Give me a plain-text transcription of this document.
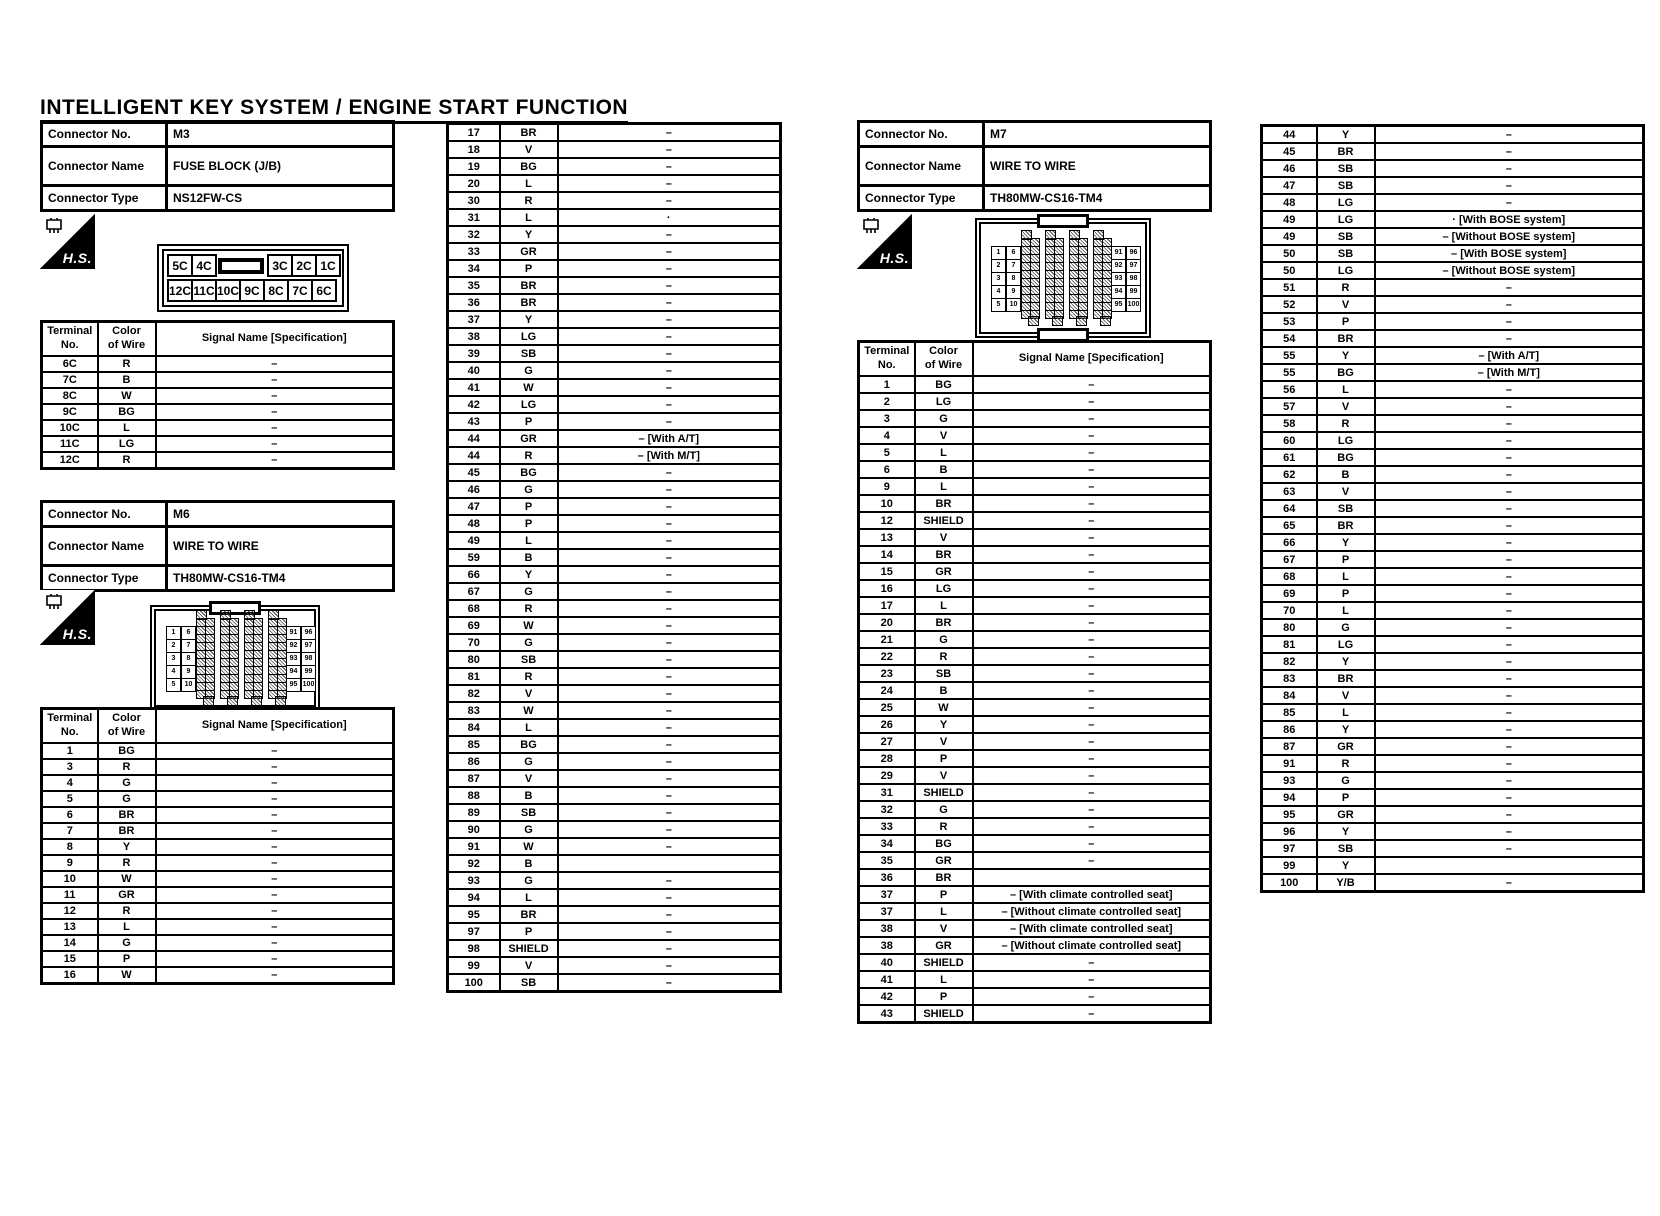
INTELLIGENT KEY SYSTEM / ENGINE START FUNCTION
Connector No.	M3
Connector Name	FUSE BLOCK (J/B)
Connector Type	NS12FW-CS
H.S.	5C 4C	3C 2C 1C
12C 11C 10C 9C 8C 7C 6C
Terminal
No.

Color
of Wire
	Signal Name [Specification]
6C	R	–
7C	B	–
8C	W	–
9C	BG	–
10C	L	–
11C	LG	–
12C	R	–
Connector No.	M6
Connector Name	WIRE TO WIRE
Connector Type	TH80MW-CS16-TM4
H.S.	1	6
2	7
3	8
4	9
5	10
91	96
92	97
93	98
94	99
95 100
Terminal
No.

Color
of Wire
	Signal Name [Specification]
1	BG	–
3	R	–
4	G	–
5	G	–
6	BR	–
7	BR	–
8	Y	–
9	R	–
10	W	–
11	GR	–
12	R	–
13	L	–
14	G	–
15	P	–
16	W	–
17	BR	–
18	V	–
19	BG	–
20	L	–
30	R	–
31	L	·
32	Y	–
33	GR	–
34	P	–
35	BR	–
36	BR	–
37	Y	–
38	LG	–
39	SB	–
40	G	–
41	W	–
42	LG	–
43	P	–
44	GR	– [With A/T]
44	R	– [With M/T]
45	BG	–
46	G	–
47	P	–
48	P	–
49	L	–
59	B	–
66	Y	–
67	G	–
68	R	–
69	W	–
70	G	–
80	SB	–
81	R	–
82	V	–
83	W	–
84	L	–
85	BG	–
86	G	–
87	V	–
88	B	–
89	SB	–
90	G	–
91	W	–
92	B	
93	G	–
94	L	–
95	BR	–
97	P	–
98	SHIELD	–
99	V	–
100	SB	–
Connector No.	M7
Connector Name	WIRE TO WIRE
Connector Type	TH80MW-CS16-TM4
H.S.	1	6
2	7
3	8
4	9
5	10
91	96
92	97
93	98
94	99
95 100
Terminal
No.

Color
of Wire
	Signal Name [Specification]
1	BG	–
2	LG	–
3	G	–
4	V	–
5	L	–
6	B	–
9	L	–
10	BR	–
12	SHIELD	–
13	V	–
14	BR	–
15	GR	–
16	LG	–
17	L	–
20	BR	–
21	G	–
22	R	–
23	SB	–
24	B	–
25	W	–
26	Y	–
27	V	–
28	P	–
29	V	–
31	SHIELD	–
32	G	–
33	R	–
34	BG	–
35	GR	–
36	BR	
37	P	– [With climate controlled seat]
37	L	– [Without climate controlled seat]
38	V	– [With climate controlled seat]
38	GR	– [Without climate controlled seat]
40	SHIELD	–
41	L	–
42	P	–
43	SHIELD	–
44	Y	–
45	BR	–
46	SB	–
47	SB	–
48	LG	–
49	LG	· [With BOSE system]
49	SB	– [Without BOSE system]
50	SB	– [With BOSE system]
50	LG	– [Without BOSE system]
51	R	–
52	V	–
53	P	–
54	BR	–
55	Y	– [With A/T]
55	BG	– [With M/T]
56	L	–
57	V	–
58	R	–
60	LG	–
61	BG	–
62	B	–
63	V	–
64	SB	–
65	BR	–
66	Y	–
67	P	–
68	L	–
69	P	–
70	L	–
80	G	–
81	LG	–
82	Y	–
83	BR	–
84	V	–
85	L	–
86	Y	–
87	GR	–
91	R	–
93	G	–
94	P	–
95	GR	–
96	Y	–
97	SB	–
99	Y	
100	Y/B	–
